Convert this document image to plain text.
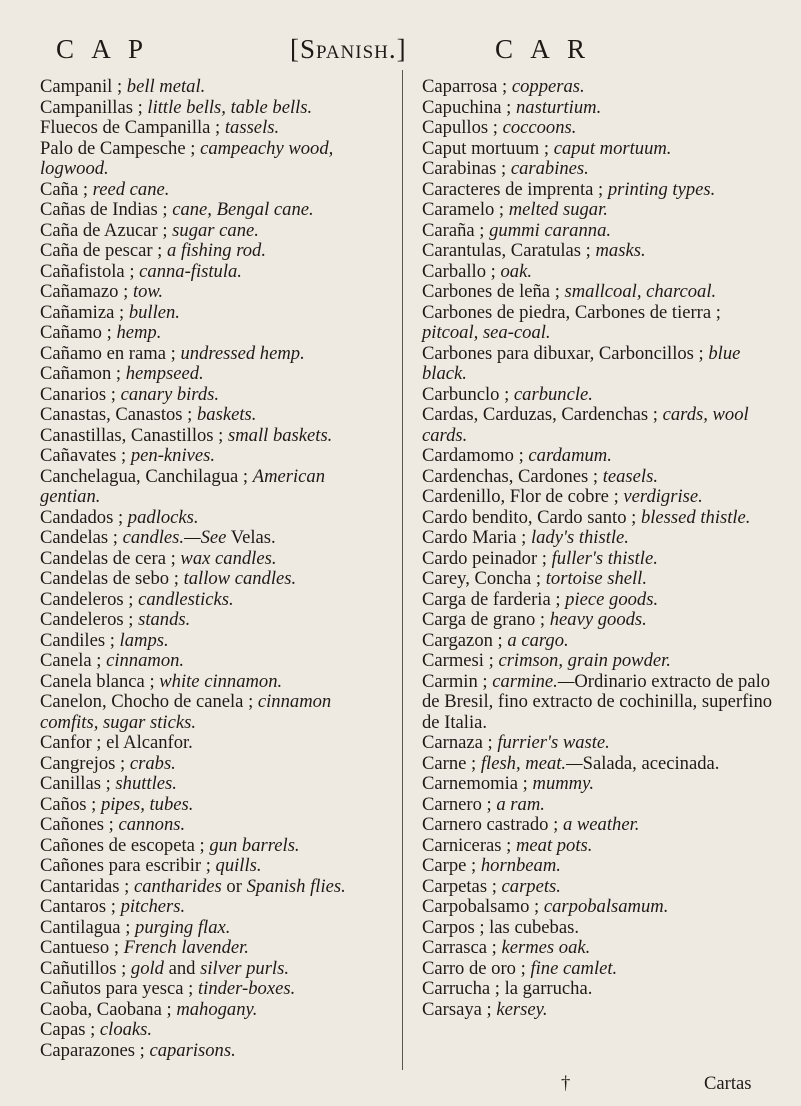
C A P	[Spanish.]	C A R
Campanil ; bell metal.
Campanillas ; little bells, table bells.
Fluecos de Campanilla ; tassels.
Palo de Campesche ; campeachy wood, logwood.
Caña ; reed cane.
Cañas de Indias ; cane, Bengal cane.
Caña de Azucar ; sugar cane.
Caña de pescar ; a fishing rod.
Cañafistola ; canna-fistula.
Cañamazo ; tow.
Cañamiza ; bullen.
Cañamo ; hemp.
Cañamo en rama ; undressed hemp.
Cañamon ; hempseed.
Canarios ; canary birds.
Canastas, Canastos ; baskets.
Canastillas, Canastillos ; small baskets.
Cañavates ; pen-knives.
Canchelagua, Canchilagua ; American gentian.
Candados ; padlocks.
Candelas ; candles.—See Velas.
Candelas de cera ; wax candles.
Candelas de sebo ; tallow candles.
Candeleros ; candlesticks.
Candeleros ; stands.
Candiles ; lamps.
Canela ; cinnamon.
Canela blanca ; white cinnamon.
Canelon, Chocho de canela ; cinnamon comfits, sugar sticks.
Canfor ; el Alcanfor.
Cangrejos ; crabs.
Canillas ; shuttles.
Caños ; pipes, tubes.
Cañones ; cannons.
Cañones de escopeta ; gun barrels.
Cañones para escribir ; quills.
Cantaridas ; cantharides or Spanish flies.
Cantaros ; pitchers.
Cantilagua ; purging flax.
Cantueso ; French lavender.
Cañutillos ; gold and silver purls.
Cañutos para yesca ; tinder-boxes.
Caoba, Caobana ; mahogany.
Capas ; cloaks.
Caparazones ; caparisons.
Caparrosa ; copperas.
Capuchina ; nasturtium.
Capullos ; coccoons.
Caput mortuum ; caput mortuum.
Carabinas ; carabines.
Caracteres de imprenta ; printing types.
Caramelo ; melted sugar.
Caraña ; gummi caranna.
Carantulas, Caratulas ; masks.
Carballo ; oak.
Carbones de leña ; smallcoal, charcoal.
Carbones de piedra, Carbones de tierra ; pitcoal, sea-coal.
Carbones para dibuxar, Carboncillos ; blue black.
Carbunclo ; carbuncle.
Cardas, Carduzas, Cardenchas ; cards, wool cards.
Cardamomo ; cardamum.
Cardenchas, Cardones ; teasels.
Cardenillo, Flor de cobre ; verdigrise.
Cardo bendito, Cardo santo ; blessed thistle.
Cardo Maria ; lady's thistle.
Cardo peinador ; fuller's thistle.
Carey, Concha ; tortoise shell.
Carga de farderia ; piece goods.
Carga de grano ; heavy goods.
Cargazon ; a cargo.
Carmesi ; crimson, grain powder.
Carmin ; carmine.—Ordinario extracto de palo de Bresil, fino extracto de cochinilla, superfino de Italia.
Carnaza ; furrier's waste.
Carne ; flesh, meat.—Salada, acecinada.
Carnemomia ; mummy.
Carnero ; a ram.
Carnero castrado ; a weather.
Carniceras ; meat pots.
Carpe ; hornbeam.
Carpetas ; carpets.
Carpobalsamo ; carpobalsamum.
Carpos ; las cubebas.
Carrasca ; kermes oak.
Carro de oro ; fine camlet.
Carrucha ; la garrucha.
Carsaya ; kersey.
†	Cartas
